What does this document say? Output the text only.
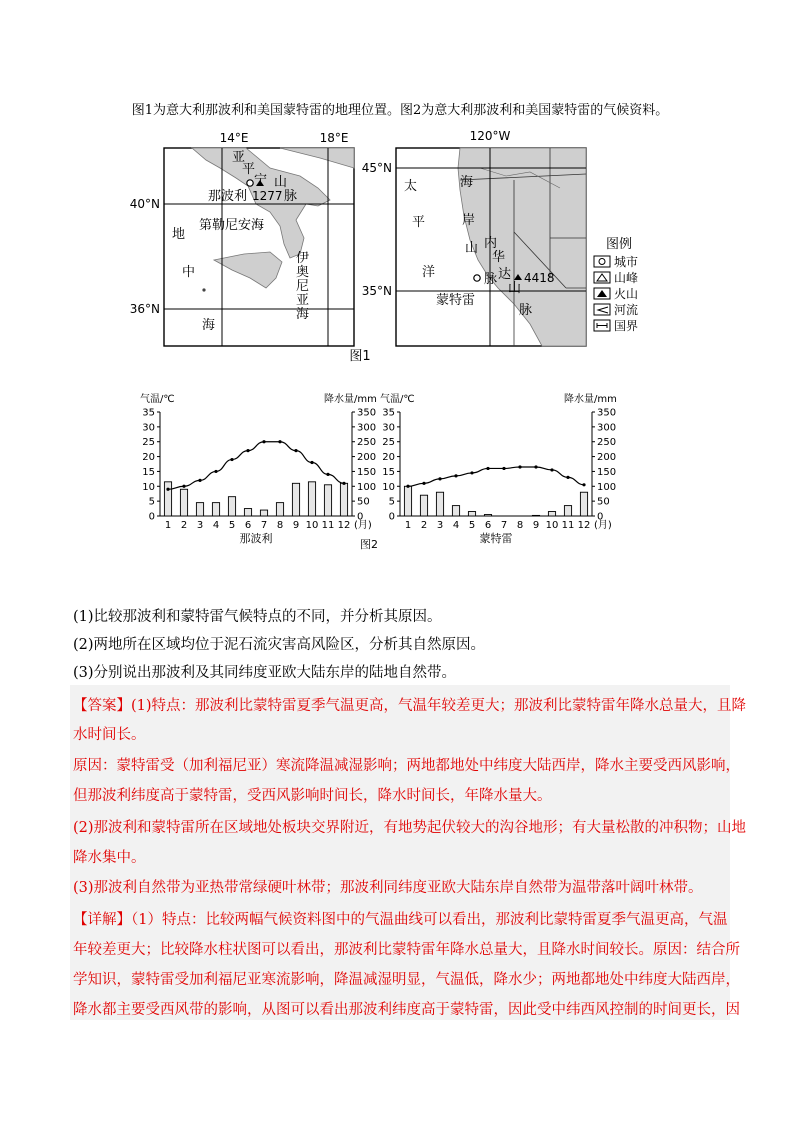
图1为意大利那波利和美国蒙特雷的地理位置。图2为意大利那波利和美国蒙特雷的气候资料。
14°E	18°E
40°N
36°N
亚
平
宁 山
脉
那波利 1277
第勒尼安海
地
中
海
伊
奥
尼
亚
海
120°W
45°N
35°N
太
平
洋
海
岸
山 内
华
达
山
脉
脉
4418
蒙特雷
图例
城市
山峰
火山
河流
国界
图1
气温/℃	降水量/mm
0
5
10
15
20
25
30
35
0
50
100
150
200
250
300
350
1 2 3 4 5 6 7 8 9 10 11 12 (月)
那波利
气温/℃	降水量/mm
0
5
10
15
20
25
30
35
0
50
100
150
200
250
300
350
1 2 3 4 5 6 7 8 9 10 11 12 (月)
蒙特雷
图2
(1)比较那波利和蒙特雷气候特点的不同，并分析其原因。
(2)两地所在区域均位于泥石流灾害高风险区，分析其自然原因。
(3)分别说出那波利及其同纬度亚欧大陆东岸的陆地自然带。
【答案】(1)特点：那波利比蒙特雷夏季气温更高，气温年较差更大；那波利比蒙特雷年降水总量大，且降
水时间长。
原因：蒙特雷受（加利福尼亚）寒流降温减湿影响；两地都地处中纬度大陆西岸，降水主要受西风影响，
但那波利纬度高于蒙特雷，受西风影响时间长，降水时间长，年降水量大。
(2)那波利和蒙特雷所在区域地处板块交界附近，有地势起伏较大的沟谷地形；有大量松散的冲积物；山地
降水集中。
(3)那波利自然带为亚热带常绿硬叶林带；那波利同纬度亚欧大陆东岸自然带为温带落叶阔叶林带。
【详解】（1）特点：比较两幅气候资料图中的气温曲线可以看出，那波利比蒙特雷夏季气温更高，气温
年较差更大；比较降水柱状图可以看出，那波利比蒙特雷年降水总量大，且降水时间较长。原因：结合所
学知识，蒙特雷受加利福尼亚寒流影响，降温减湿明显，气温低，降水少；两地都地处中纬度大陆西岸，
降水都主要受西风带的影响，从图可以看出那波利纬度高于蒙特雷，因此受中纬西风控制的时间更长，因
